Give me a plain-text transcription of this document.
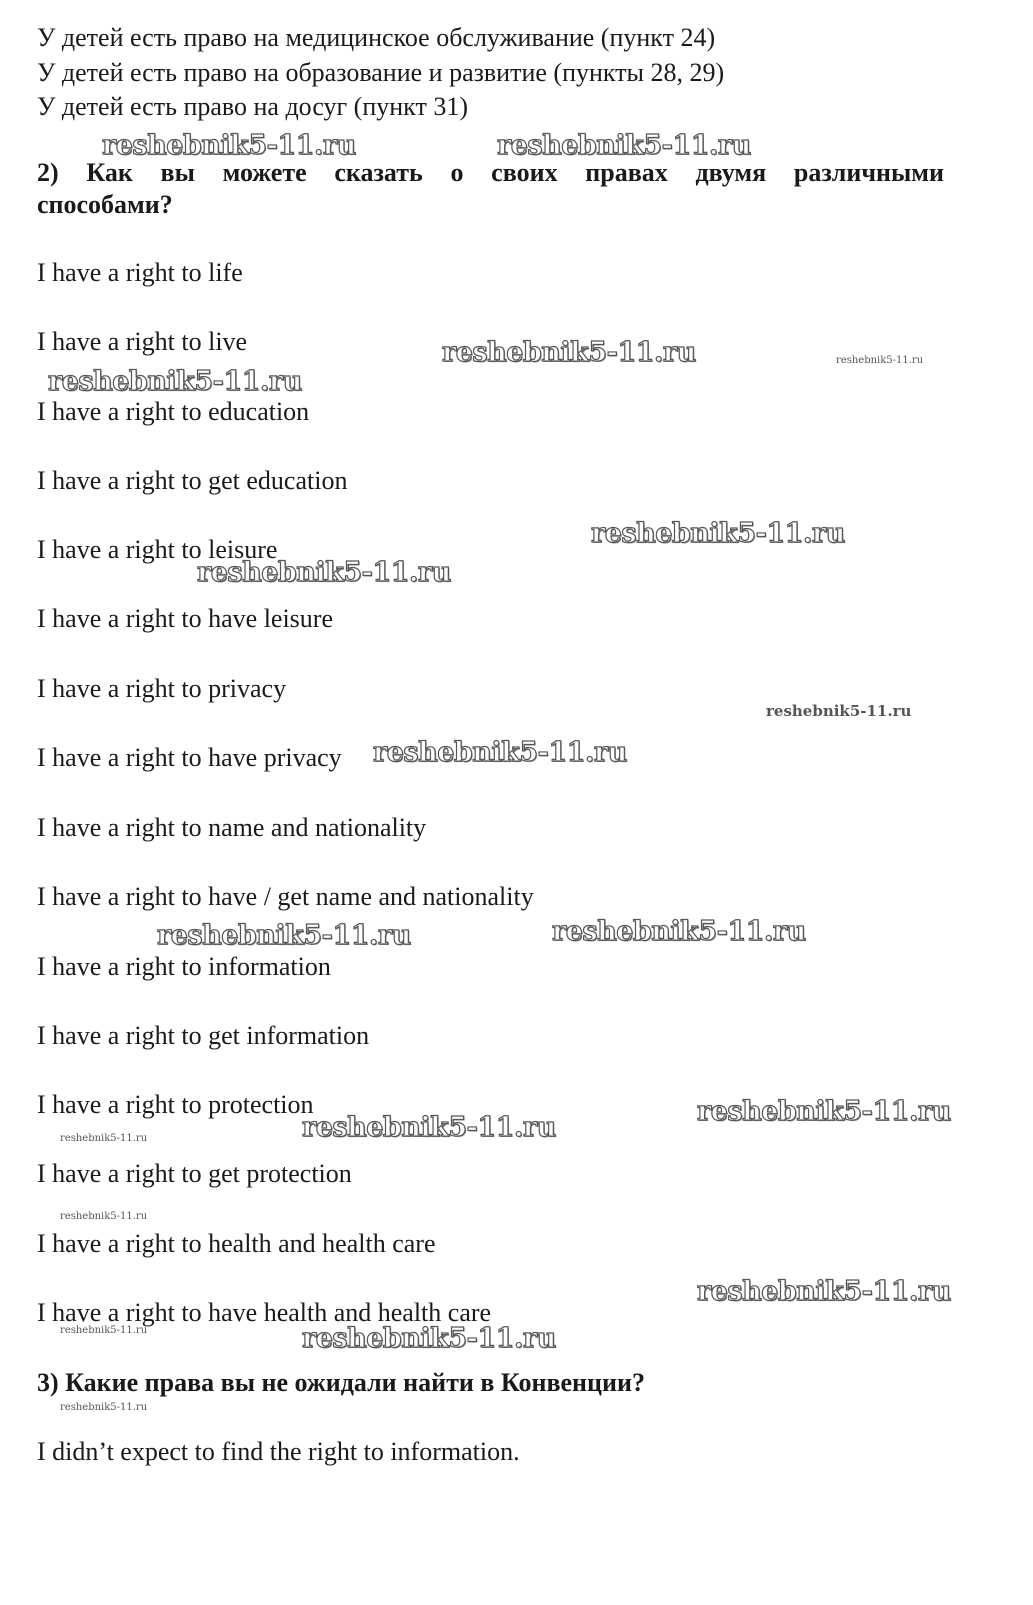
У детей есть право на медицинское обслуживание (пункт 24)

У детей есть право на образование и развитие (пункты 28, 29)

У детей есть право на досуг (пункт 31)

2) Как вы можете сказать о своих правах двумя различными

способами?

I have a right to life

I have a right to live

I have a right to education

I have a right to get education

I have a right to leisure

I have a right to have leisure

I have a right to privacy

I have a right to have privacy

I have a right to name and nationality

I have a right to have / get name and nationality

I have a right to information

I have a right to get information

I have a right to protection

I have a right to get protection

I have a right to health and health care

I have a right to have health and health care

3) Какие права вы не ожидали найти в Конвенции?

I didn’t expect to find the right to information.

reshebnik5-11.ru	reshebnik5-11.ru
reshebnik5-11.ru
reshebnik5-11.ru
reshebnik5-11.ru
reshebnik5-11.ru
reshebnik5-11.ru
reshebnik5-11.ru	reshebnik5-11.ru
reshebnik5-11.ru
reshebnik5-11.ru
reshebnik5-11.ru
reshebnik5-11.ru
reshebnik5-11.ru
reshebnik5-11.ru
reshebnik5-11.ru
reshebnik5-11.ru
reshebnik5-11.ru
reshebnik5-11.ru
